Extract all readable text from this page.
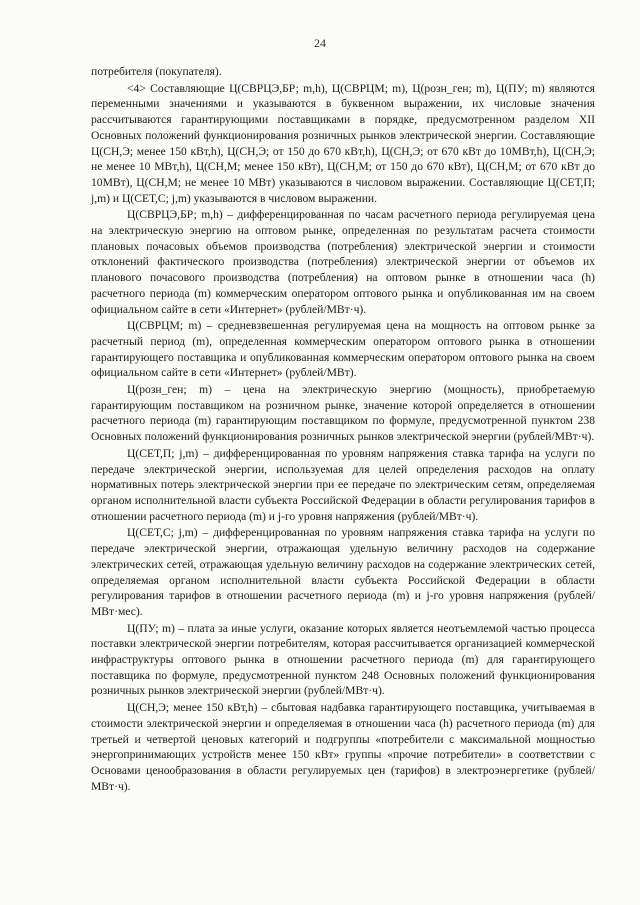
24

потребителя (покупателя).

<4> Составляющие Ц(СВРЦЭ,БР; m,h), Ц(СВРЦМ; m), Ц(розн_ген; m), Ц(ПУ; m) являются переменными значениями и указываются в буквенном выражении, их числовые значения рассчитываются гарантирующими поставщиками в порядке, предусмотренном разделом XII Основных положений функционирования розничных рынков электрической энергии. Составляющие Ц(СН,Э; менее 150 кВт,h), Ц(СН,Э; от 150 до 670 кВт,h), Ц(СН,Э; от 670 кВт до 10МВт,h), Ц(СН,Э; не менее 10 МВт,h), Ц(СН,М; менее 150 кВт), Ц(СН,М; от 150 до 670 кВт), Ц(СН,М; от 670 кВт до 10МВт), Ц(СН,М; не менее 10 МВт) указываются в числовом выражении. Составляющие Ц(СЕТ,П; j,m) и Ц(СЕТ,С; j,m) указываются в числовом выражении.

Ц(СВРЦЭ,БР; m,h) – дифференцированная по часам расчетного периода регулируемая цена на электрическую энергию на оптовом рынке, определенная по результатам расчета стоимости плановых почасовых объемов производства (потребления) электрической энергии и стоимости отклонений фактического производства (потребления) электрической энергии от объемов их планового почасового производства (потребления) на оптовом рынке в отношении часа (h) расчетного периода (m) коммерческим оператором оптового рынка и опубликованная им на своем официальном сайте в сети «Интернет» (рублей/МВт·ч).

Ц(СВРЦМ; m) – средневзвешенная регулируемая цена на мощность на оптовом рынке за расчетный период (m), определенная коммерческим оператором оптового рынка в отношении гарантирующего поставщика и опубликованная коммерческим оператором оптового рынка на своем официальном сайте в сети «Интернет» (рублей/МВт).

Ц(розн_ген; m) – цена на электрическую энергию (мощность), приобретаемую гарантирующим поставщиком на розничном рынке, значение которой определяется в отношении расчетного периода (m) гарантирующим поставщиком по формуле, предусмотренной пунктом 238 Основных положений функционирования розничных рынков электрической энергии (рублей/МВт·ч).

Ц(СЕТ,П; j,m) – дифференцированная по уровням напряжения ставка тарифа на услуги по передаче электрической энергии, используемая для целей определения расходов на оплату нормативных потерь электрической энергии при ее передаче по электрическим сетям, определяемая органом исполнительной власти субъекта Российской Федерации в области регулирования тарифов в отношении расчетного периода (m) и j-го уровня напряжения (рублей/МВт·ч).

Ц(СЕТ,С; j,m) – дифференцированная по уровням напряжения ставка тарифа на услуги по передаче электрической энергии, отражающая удельную величину расходов на содержание электрических сетей, отражающая удельную величину расходов на содержание электрических сетей, определяемая органом исполнительной власти субъекта Российской Федерации в области регулирования тарифов в отношении расчетного периода (m) и j-го уровня напряжения (рублей/МВт·мес).

Ц(ПУ; m) – плата за иные услуги, оказание которых является неотъемлемой частью процесса поставки электрической энергии потребителям, которая рассчитывается организацией коммерческой инфраструктуры оптового рынка в отношении расчетного периода (m) для гарантирующего поставщика по формуле, предусмотренной пунктом 248 Основных положений функционирования розничных рынков электрической энергии (рублей/МВт·ч).

Ц(СН,Э; менее 150 кВт,h) – сбытовая надбавка гарантирующего поставщика, учитываемая в стоимости электрической энергии и определяемая в отношении часа (h) расчетного периода (m) для третьей и четвертой ценовых категорий и подгруппы «потребители с максимальной мощностью энергопринимающих устройств менее 150 кВт» группы «прочие потребители» в соответствии с Основами ценообразования в области регулируемых цен (тарифов) в электроэнергетике (рублей/МВт·ч).
